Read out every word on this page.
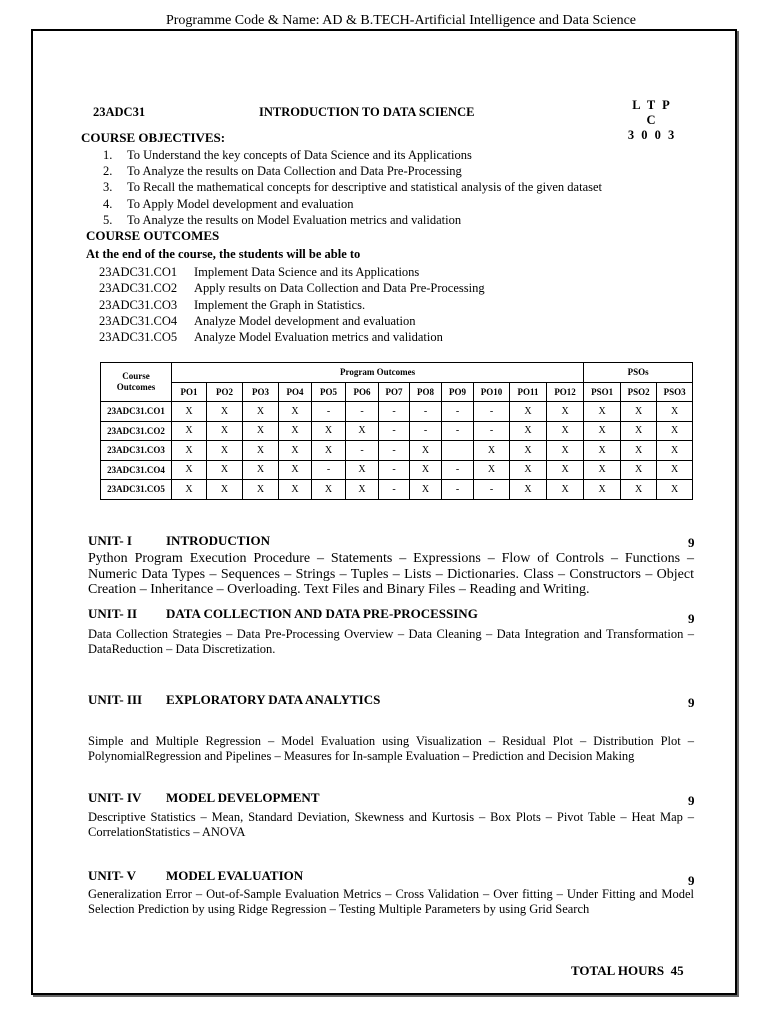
Programme Code & Name: AD & B.TECH-Artificial Intelligence and Data Science
23ADC31	INTRODUCTION TO DATA SCIENCE	L T P C
3 0 0 3
COURSE OBJECTIVES:
1. To Understand the key concepts of Data Science and its Applications
2. To Analyze the results on Data Collection and Data Pre-Processing
3. To Recall the mathematical concepts for descriptive and statistical analysis of the given dataset
4. To Apply Model development and evaluation
5. To Analyze the results on Model Evaluation metrics and validation
COURSE OUTCOMES
At the end of the course, the students will be able to
23ADC31.CO1 Implement Data Science and its Applications
23ADC31.CO2 Apply results on Data Collection and Data Pre-Processing
23ADC31.CO3 Implement the Graph in Statistics.
23ADC31.CO4 Analyze Model development and evaluation
23ADC31.CO5 Analyze Model Evaluation metrics and validation
Course Outcomes	Program Outcomes												PSOs		
	PO1	PO2	PO3	PO4	PO5	PO6	PO7	PO8	PO9	PO10	PO11	PO12	PSO1	PSO2	PSO3
23ADC31.CO1	X	X	X	X	-	-	-	-	-	-	X	X	X	X	X
23ADC31.CO2	X	X	X	X	X	X	-	-	-	-	X	X	X	X	X
23ADC31.CO3	X	X	X	X	X	-	-	X		X	X	X	X	X	X
23ADC31.CO4	X	X	X	X	-	X	-	X	-	X	X	X	X	X	X
23ADC31.CO5	X	X	X	X	X	X	-	X	-	-	X	X	X	X	X
UNIT- I	INTRODUCTION	9
Python Program Execution Procedure – Statements – Expressions – Flow of Controls – Functions – Numeric Data Types – Sequences – Strings – Tuples – Lists – Dictionaries. Class – Constructors – Object Creation – Inheritance – Overloading. Text Files and Binary Files – Reading and Writing.
UNIT- II DATA COLLECTION AND DATA PRE-PROCESSING	9
Data Collection Strategies – Data Pre-Processing Overview – Data Cleaning – Data Integration and Transformation – DataReduction – Data Discretization.
UNIT- III EXPLORATORY DATA ANALYTICS	9
Simple and Multiple Regression – Model Evaluation using Visualization – Residual Plot – Distribution Plot – PolynomialRegression and Pipelines – Measures for In-sample Evaluation – Prediction and Decision Making
UNIT- IV MODEL DEVELOPMENT	9
Descriptive Statistics – Mean, Standard Deviation, Skewness and Kurtosis – Box Plots – Pivot Table – Heat Map – CorrelationStatistics – ANOVA
UNIT- V MODEL EVALUATION	9
Generalization Error – Out-of-Sample Evaluation Metrics – Cross Validation – Over fitting – Under Fitting and Model Selection Prediction by using Ridge Regression – Testing Multiple Parameters by using Grid Search
TOTAL HOURS 45
